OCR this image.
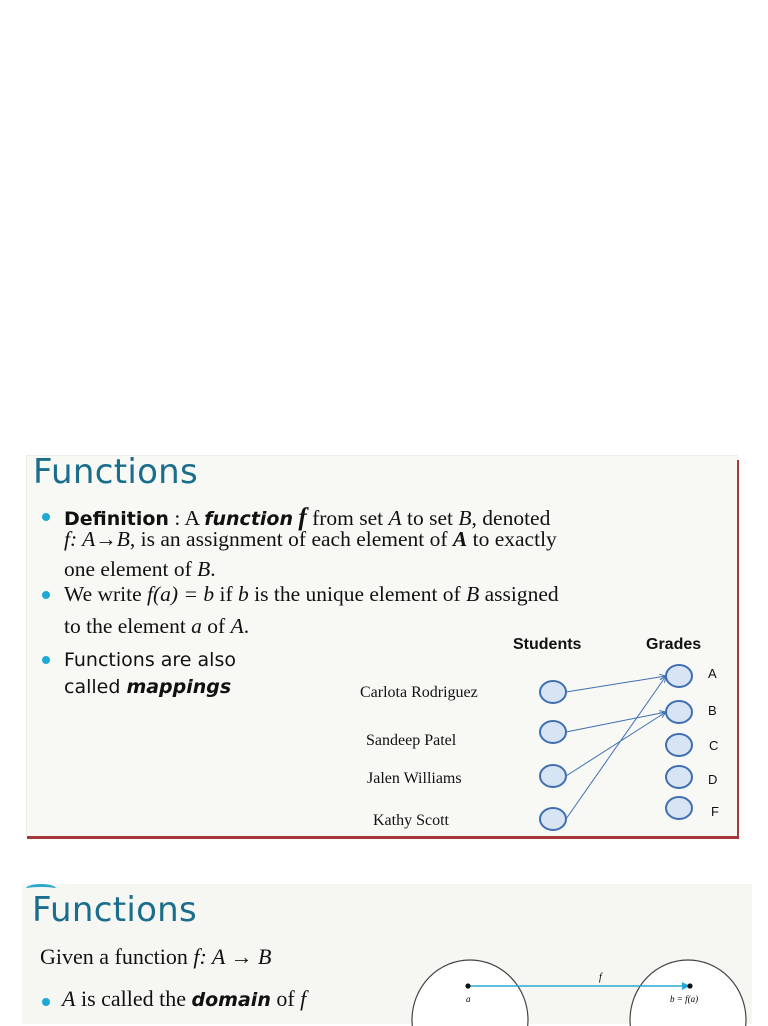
Functions
Definition : A function f from set A to set B, denoted
f: A→B, is an assignment of each element of A to exactly
one element of B.
We write f(a) = b if b is the unique element of B assigned
to the element a of A.
Functions are also
called mappings
Students	Grades
Carlota Rodriguez
Sandeep Patel
Jalen Williams
Kathy Scott
A
B
C
D
F
Functions
Given a function f: A → B
A is called the domain of f	a
f
b = f(a)
